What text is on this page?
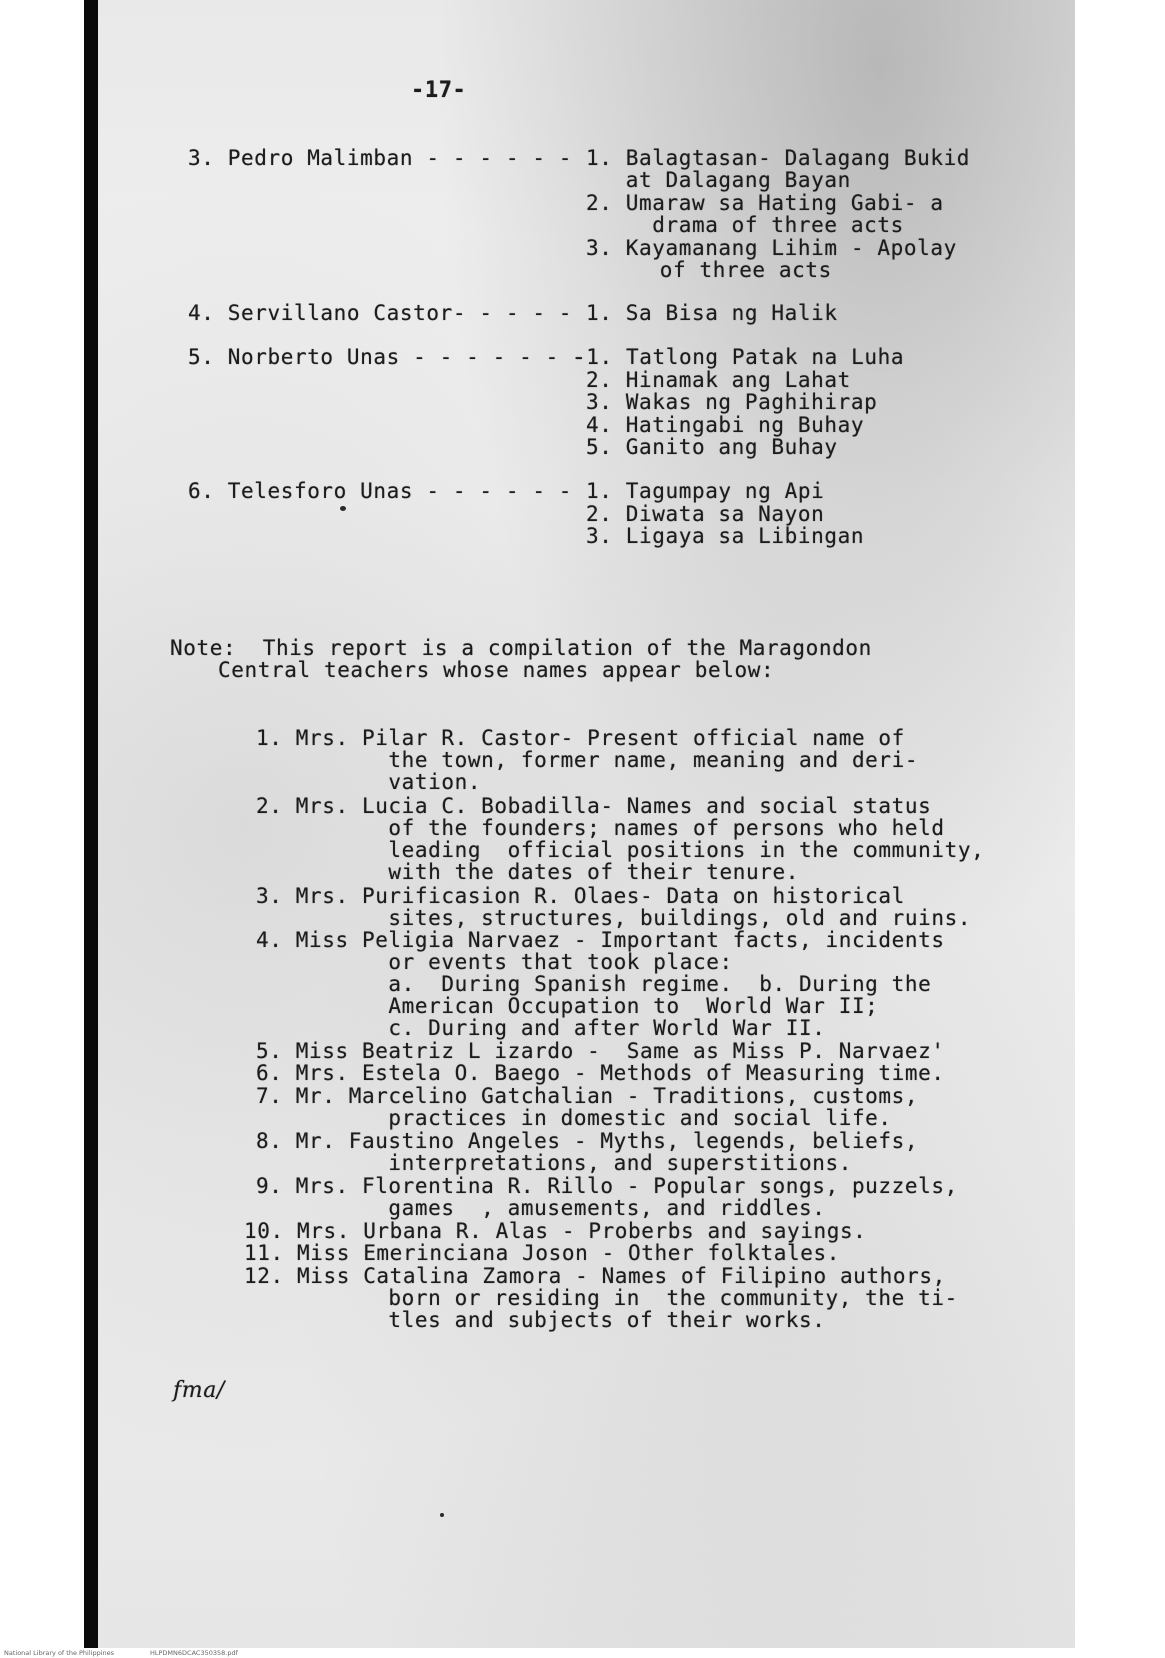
-17-
3. Pedro Malimban - - - - - - 1. Balagtasan- Dalagang Bukid
at Dalagang Bayan
2. Umaraw sa Hating Gabi- a
drama of three acts
3. Kayamanang Lihim - Apolay
of three acts
4. Servillano Castor- - - - - 1. Sa Bisa ng Halik
5. Norberto Unas - - - - - - -
-1. Tatlong Patak na Luha
2. Hinamak ang Lahat
3. Wakas ng Paghihirap
4. Hatingabi ng Buhay
5. Ganito ang Buhay
6. Telesforo Unas - - - - - - 1. Tagumpay ng Api
2. Diwata sa Nayon
3. Ligaya sa Libingan
Note:  This report is a compilation of the Maragondon
Central teachers whose names appear below:
1. Mrs. Pilar R. Castor- Present official name of
the town, former name, meaning and deri-
vation.
2. Mrs. Lucia C. Bobadilla- Names and social status
of the founders; names of persons who held
leading  official positions in the community,
with the dates of their tenure.
3. Mrs. Purificasion R. Olaes- Data on historical
sites, structures, buildings, old and ruins.
4. Miss Peligia Narvaez - Important facts, incidents
or events that took place:
a.  During Spanish regime.  b. During the
American Occupation to  World War II;
c. During and after World War II.
5. Miss Beatriz L izardo -  Same as Miss P. Narvaez'
6. Mrs. Estela O. Baego - Methods of Measuring time.
7. Mr. Marcelino Gatchalian - Traditions, customs,
practices in domestic and social life.
8. Mr. Faustino Angeles - Myths, legends, beliefs,
interpretations, and superstitions.
9. Mrs. Florentina R. Rillo - Popular songs, puzzels,
games  , amusements, and riddles.
10. Mrs. Urbana R. Alas - Proberbs and sayings.
11. Miss Emerinciana Joson - Other folktales.
12. Miss Catalina Zamora - Names of Filipino authors,
born or residing in  the community, the ti-
tles and subjects of their works.
fma/
National Library of the Philippines	HLPDMN6DCAC350358.pdf
